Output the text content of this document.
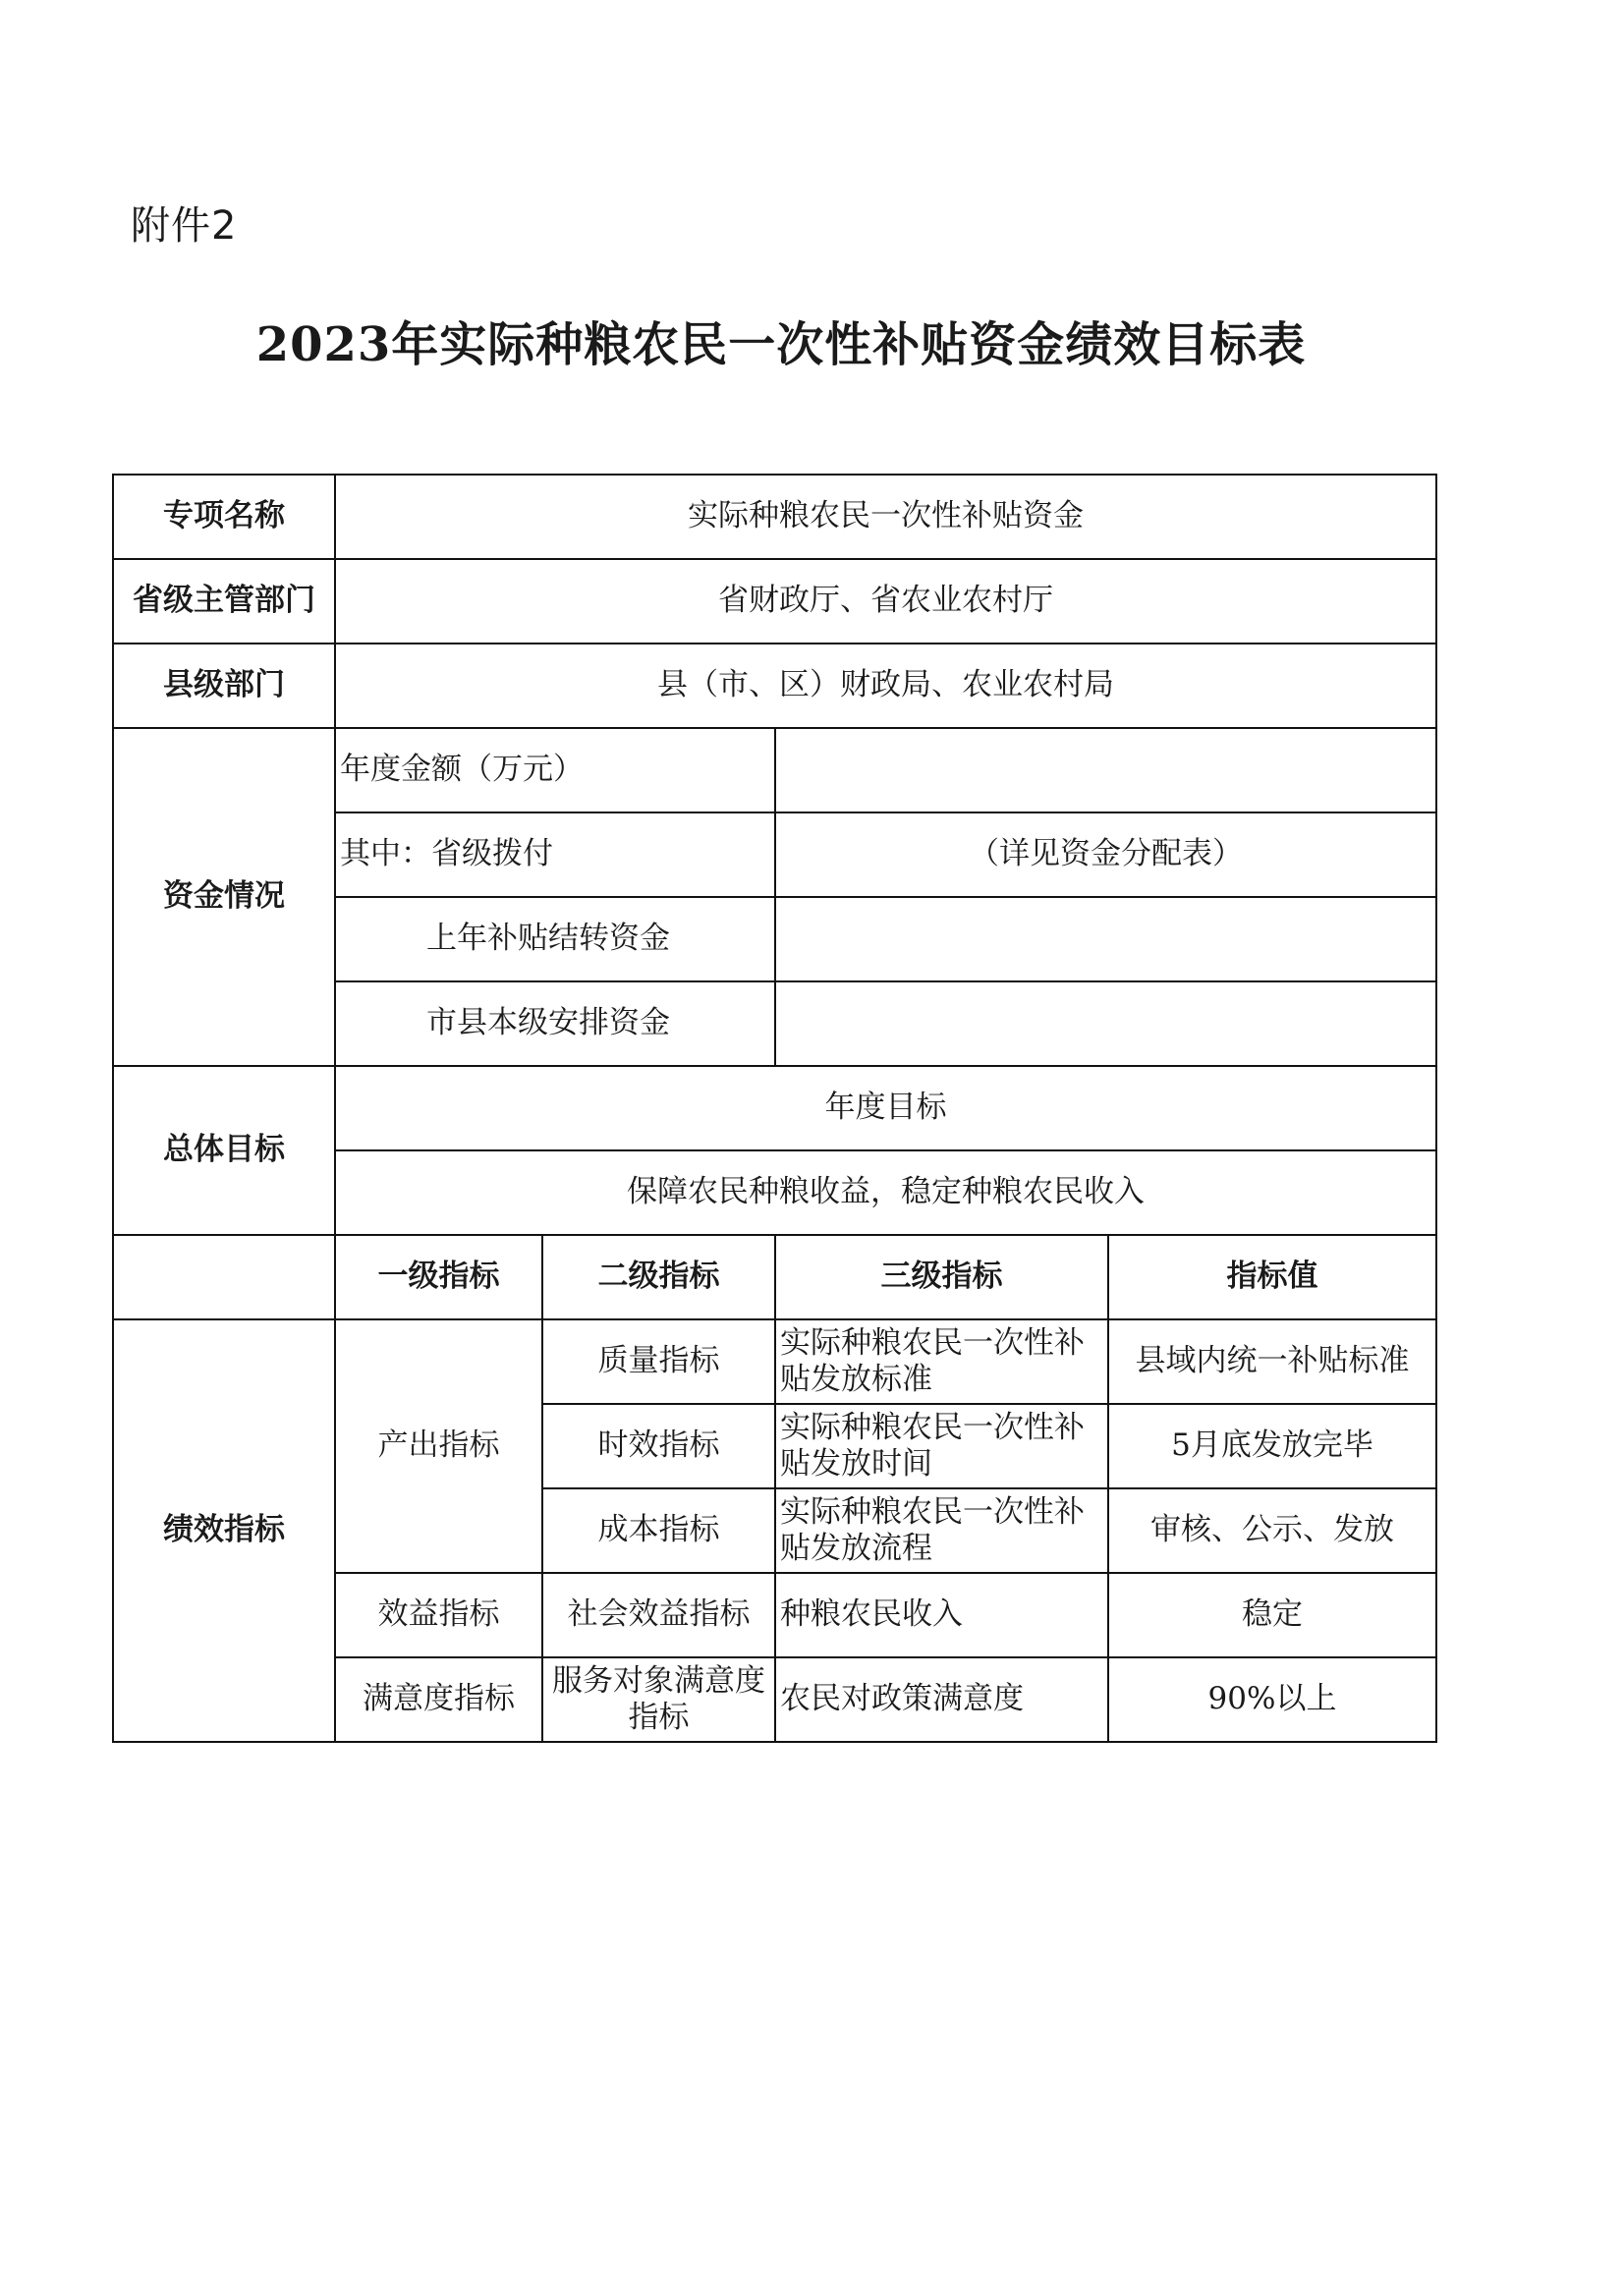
附件2
2023年实际种粮农民一次性补贴资金绩效目标表
专项名称	实际种粮农民一次性补贴资金			
省级主管部门	省财政厅、省农业农村厅			
县级部门	县（市、区）财政局、农业农村局			
资金情况	年度金额（万元）			
	其中：省级拨付		（详见资金分配表）	
	上年补贴结转资金			
	市县本级安排资金			
总体目标	年度目标			
	保障农民种粮收益，稳定种粮农民收入			
	一级指标	二级指标	三级指标	指标值
绩效指标	产出指标	质量指标	实际种粮农民一次性补贴发放标准	县域内统一补贴标准
		时效指标	实际种粮农民一次性补贴发放时间	5月底发放完毕
		成本指标	实际种粮农民一次性补贴发放流程	审核、公示、发放
	效益指标	社会效益指标	种粮农民收入	稳定
	满意度指标	服务对象满意度指标	农民对政策满意度	90%以上
